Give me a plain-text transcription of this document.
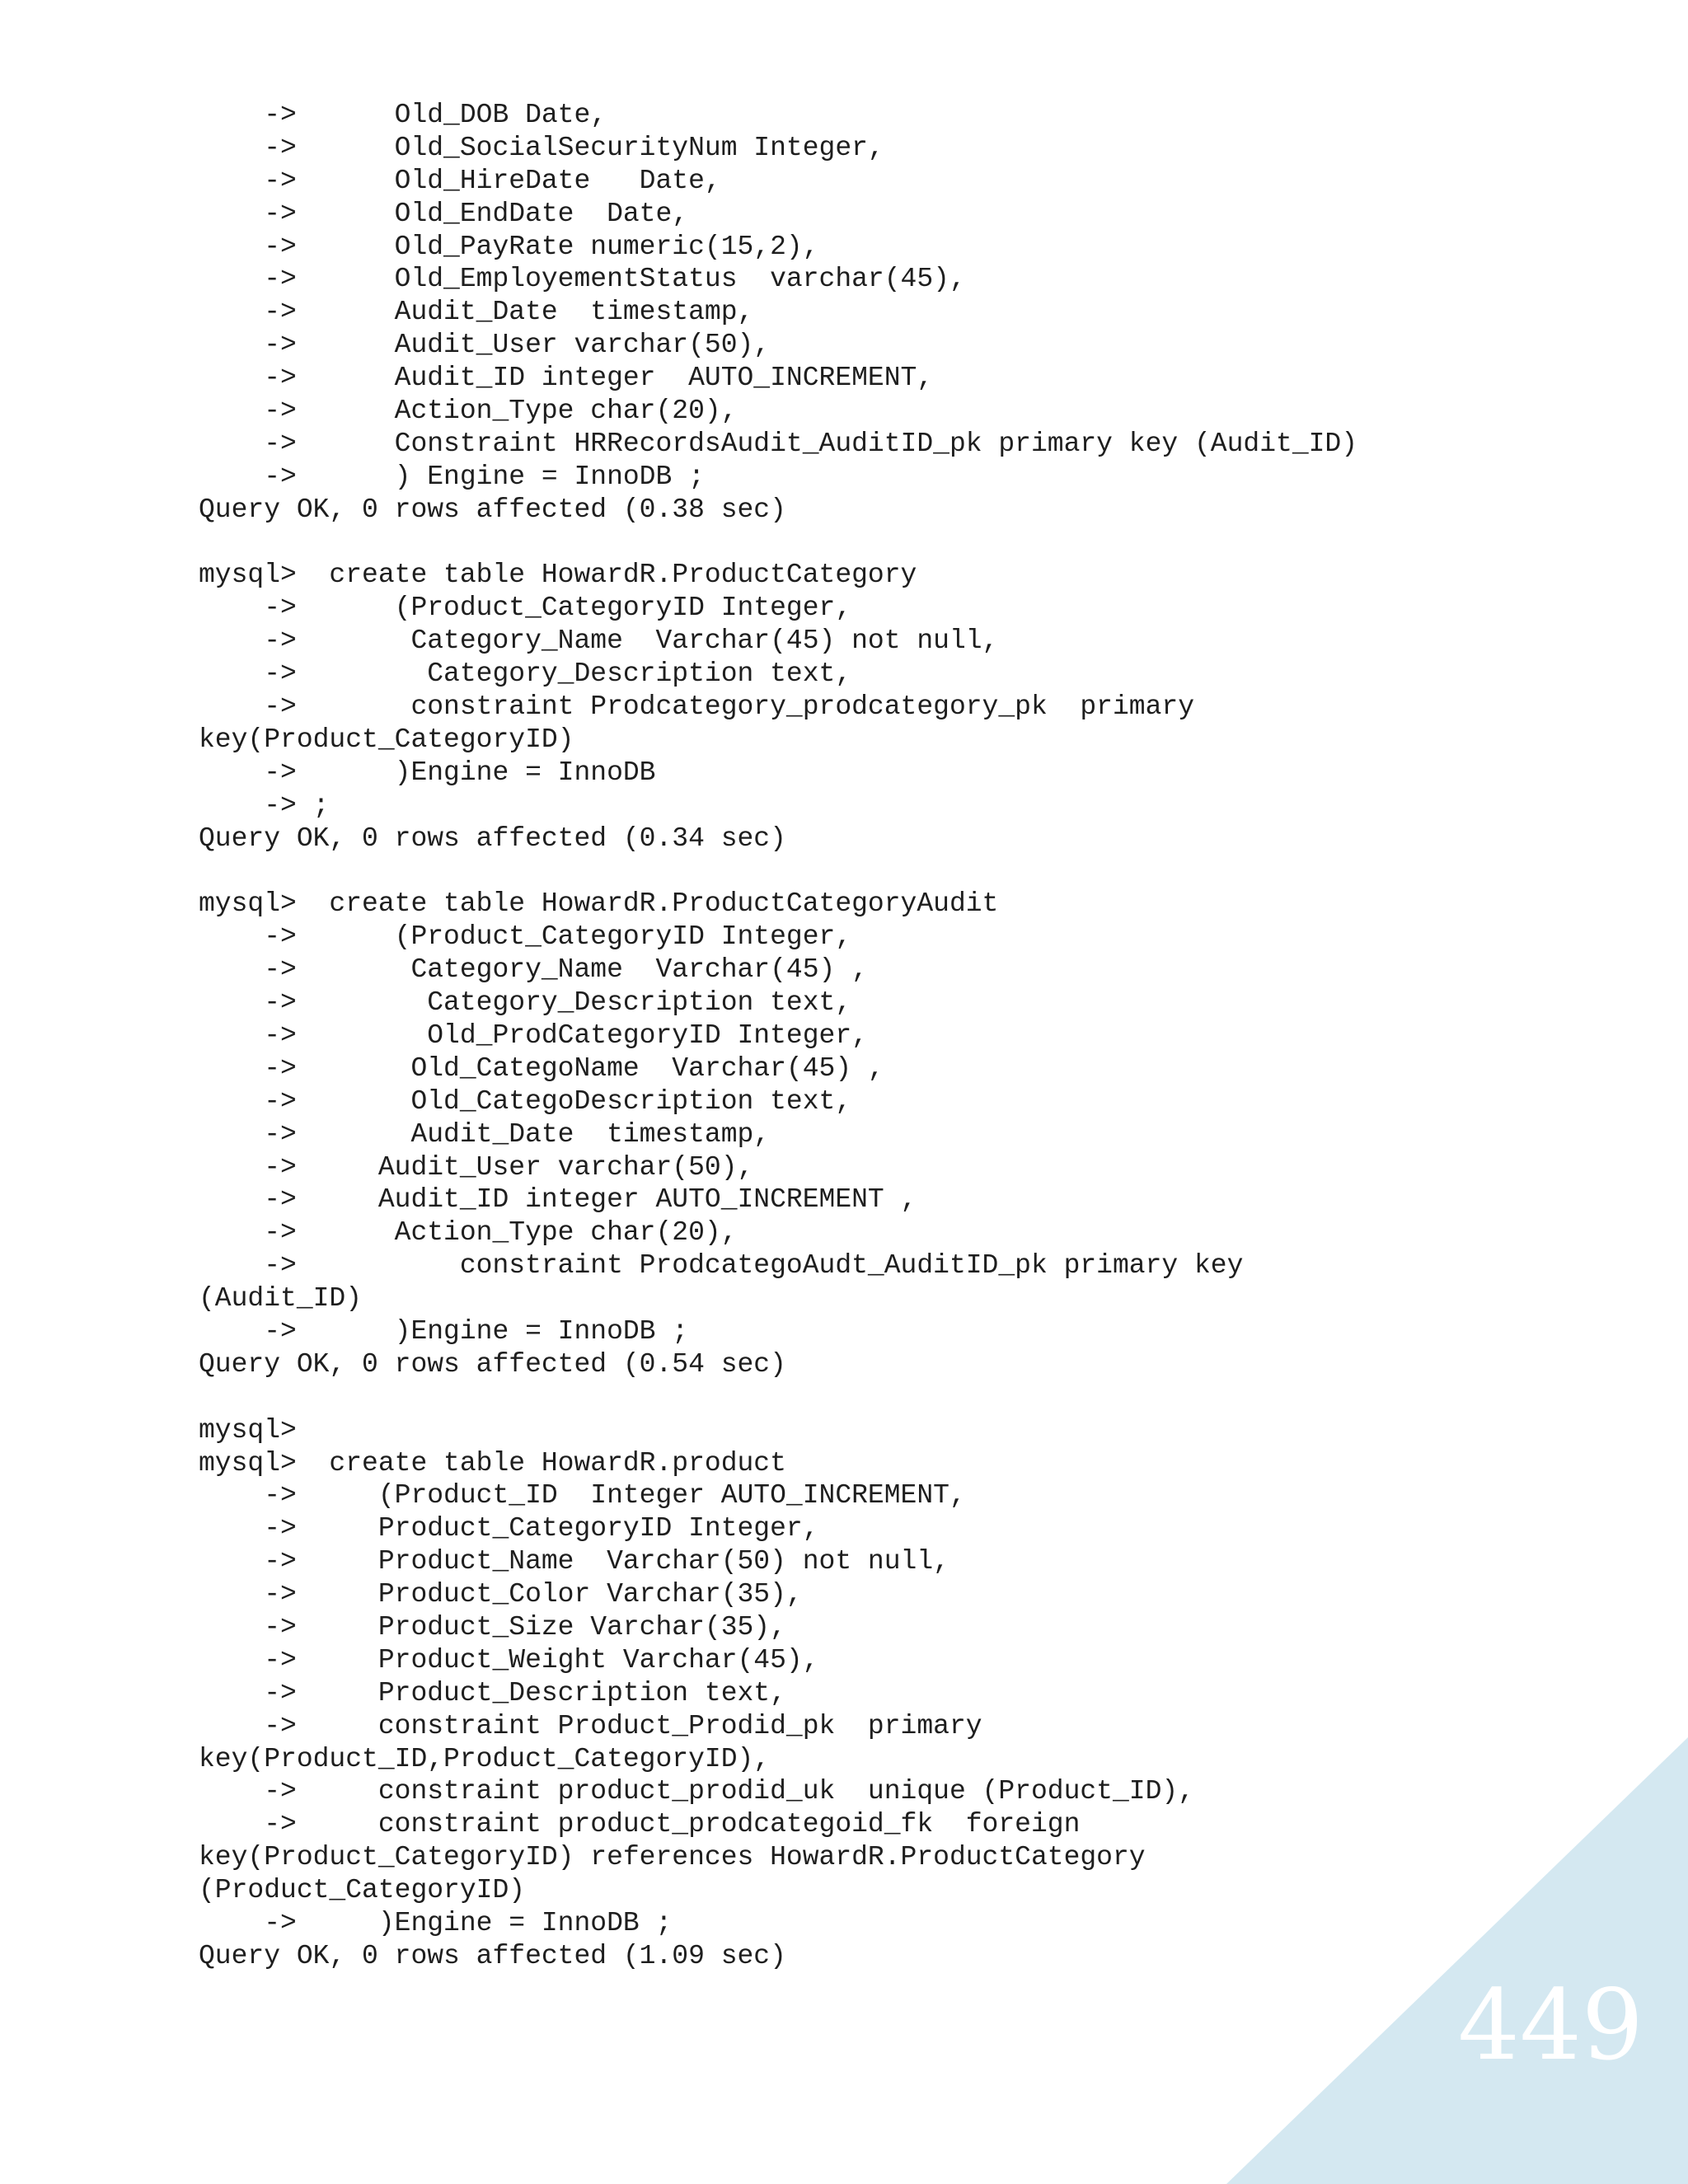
->      Old_DOB Date,
->      Old_SocialSecurityNum Integer,
->      Old_HireDate   Date,
->      Old_EndDate  Date,
->      Old_PayRate numeric(15,2),
->      Old_EmployementStatus  varchar(45),
->      Audit_Date  timestamp,
->      Audit_User varchar(50),
->      Audit_ID integer  AUTO_INCREMENT,
->      Action_Type char(20),
->      Constraint HRRecordsAudit_AuditID_pk primary key (Audit_ID)
->      ) Engine = InnoDB ;
Query OK, 0 rows affected (0.38 sec)
mysql>  create table HowardR.ProductCategory
->      (Product_CategoryID Integer,
->       Category_Name  Varchar(45) not null,
->        Category_Description text,
->       constraint Prodcategory_prodcategory_pk  primary
key(Product_CategoryID)
->      )Engine = InnoDB
-> ;
Query OK, 0 rows affected (0.34 sec)
mysql>  create table HowardR.ProductCategoryAudit
->      (Product_CategoryID Integer,
->       Category_Name  Varchar(45) ,
->        Category_Description text,
->        Old_ProdCategoryID Integer,
->       Old_CategoName  Varchar(45) ,
->       Old_CategoDescription text,
->       Audit_Date  timestamp,
->     Audit_User varchar(50),
->     Audit_ID integer AUTO_INCREMENT ,
->      Action_Type char(20),
->          constraint ProdcategoAudt_AuditID_pk primary key
(Audit_ID)
->      )Engine = InnoDB ;
Query OK, 0 rows affected (0.54 sec)
mysql>
mysql>  create table HowardR.product
->     (Product_ID  Integer AUTO_INCREMENT,
->     Product_CategoryID Integer,
->     Product_Name  Varchar(50) not null,
->     Product_Color Varchar(35),
->     Product_Size Varchar(35),
->     Product_Weight Varchar(45),
->     Product_Description text,
->     constraint Product_Prodid_pk  primary
key(Product_ID,Product_CategoryID),
->     constraint product_prodid_uk  unique (Product_ID),
->     constraint product_prodcategoid_fk  foreign
key(Product_CategoryID) references HowardR.ProductCategory
(Product_CategoryID)
->     )Engine = InnoDB ;
Query OK, 0 rows affected (1.09 sec)
449
